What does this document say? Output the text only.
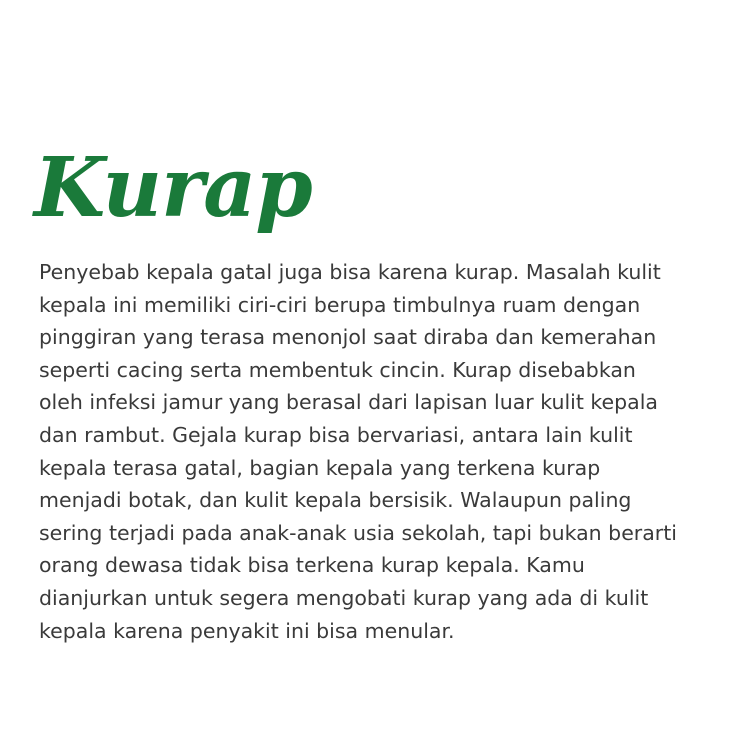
Kurap

Penyebab kepala gatal juga bisa karena kurap. Masalah kulit
kepala ini memiliki ciri-ciri berupa timbulnya ruam dengan
pinggiran yang terasa menonjol saat diraba dan kemerahan
seperti cacing serta membentuk cincin. Kurap disebabkan
oleh infeksi jamur yang berasal dari lapisan luar kulit kepala
dan rambut. Gejala kurap bisa bervariasi, antara lain kulit
kepala terasa gatal, bagian kepala yang terkena kurap
menjadi botak, dan kulit kepala bersisik. Walaupun paling
sering terjadi pada anak-anak usia sekolah, tapi bukan berarti
orang dewasa tidak bisa terkena kurap kepala. Kamu
dianjurkan untuk segera mengobati kurap yang ada di kulit
kepala karena penyakit ini bisa menular.
